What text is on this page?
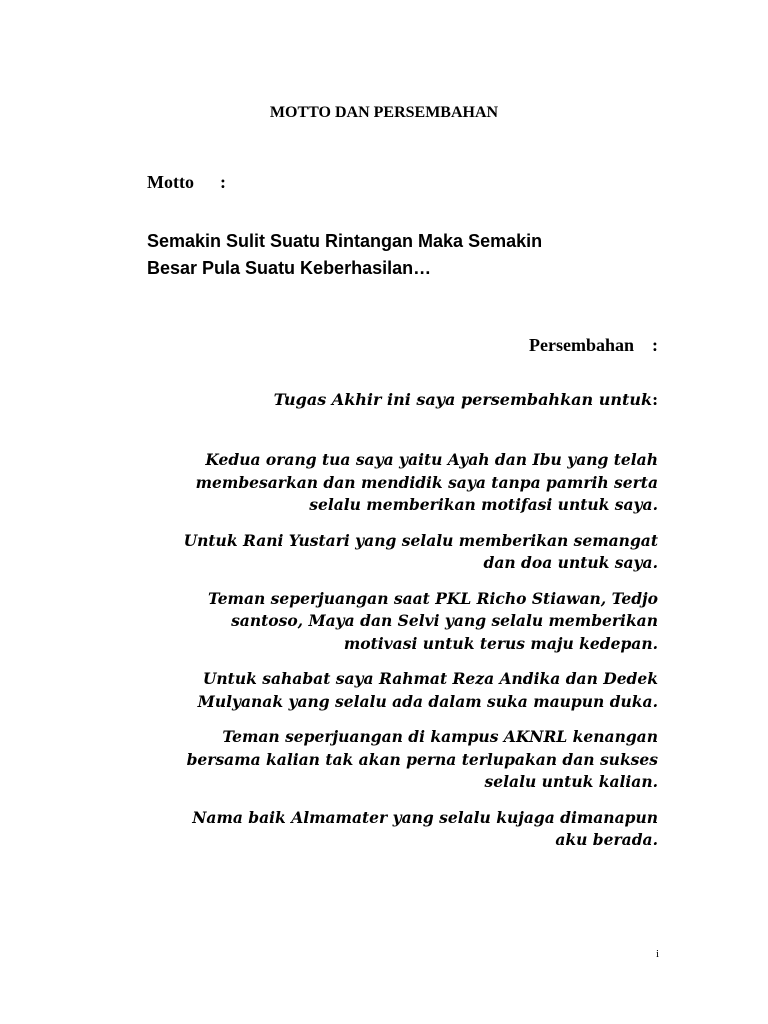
MOTTO DAN PERSEMBAHAN
Motto :
Semakin Sulit Suatu Rintangan Maka Semakin
Besar Pula Suatu Keberhasilan…
Persembahan :
Tugas Akhir ini saya persembahkan untuk:

Kedua orang tua saya yaitu Ayah dan Ibu yang telah
membesarkan dan mendidik saya tanpa pamrih serta
selalu memberikan motifasi untuk saya.

Untuk Rani Yustari yang selalu memberikan semangat
dan doa untuk saya.

Teman seperjuangan saat PKL Richo Stiawan, Tedjo
santoso, Maya dan Selvi yang selalu memberikan
motivasi untuk terus maju kedepan.

Untuk sahabat saya Rahmat Reza Andika dan Dedek
Mulyanak yang selalu ada dalam suka maupun duka.

Teman seperjuangan di kampus AKNRL kenangan
bersama kalian tak akan perna terlupakan dan sukses
selalu untuk kalian.

Nama baik Almamater yang selalu kujaga dimanapun
aku berada.

i
